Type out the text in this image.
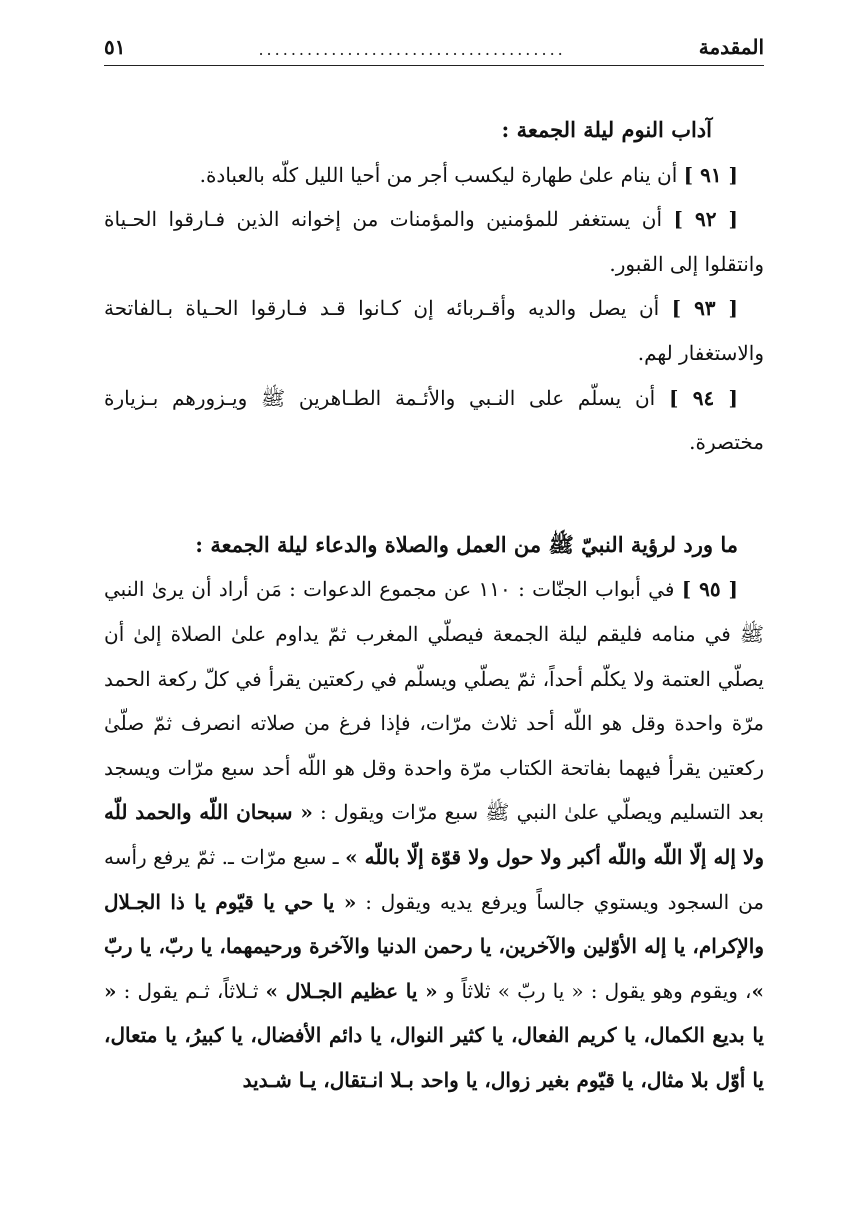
المقدمة
......................................
٥١

آداب النوم ليلة الجمعة :

[ ٩١ ] أن ينام علىٰ طهارة ليكسب أجر من أحيا الليل كلّه بالعبادة.

[ ٩٢ ] أن يستغفر للمؤمنين والمؤمنات من إخوانه الذين فـارقوا الحـياة وانتقلوا إلى القبور.

[ ٩٣ ] أن يصل والديه وأقـربائه إن كـانوا قـد فـارقوا الحـياة بـالفاتحة والاستغفار لهم.

[ ٩٤ ] أن يسلّم على النـبي والأئـمة الطـاهرين ﷺ ويـزورهم بـزيارة مختصرة.

ما ورد لرؤية النبيّ ﷺ من العمل والصلاة والدعاء ليلة الجمعة :

[ ٩٥ ] في أبواب الجنّات : ١١٠ عن مجموع الدعوات : مَن أراد أن يرىٰ النبي ﷺ في منامه فليقم ليلة الجمعة فيصلّي المغرب ثمّ يداوم علىٰ الصلاة إلىٰ أن يصلّي العتمة ولا يكلّم أحداً، ثمّ يصلّي ويسلّم في ركعتين يقرأ في كلّ ركعة الحمد مرّة واحدة وقل هو اللّه أحد ثلاث مرّات، فإذا فرغ من صلاته انصرف ثمّ صلّىٰ ركعتين يقرأ فيهما بفاتحة الكتاب مرّة واحدة وقل هو اللّه أحد سبع مرّات ويسجد بعد التسليم ويصلّي علىٰ النبي ﷺ سبع مرّات ويقول : « سبحان اللّه والحمد للّه ولا إله إلّا اللّه واللّه أكبر ولا حول ولا قوّة إلّا باللّه » ـ سبع مرّات ـ. ثمّ يرفع رأسه من السجود ويستوي جالساً ويرفع يديه ويقول : « يا حي يا قيّوم يا ذا الجـلال والإكرام، يا إله الأوّلين والآخرين، يا رحمن الدنيا والآخرة ورحيمهما، يا ربّ، يا ربّ »، ويقوم وهو يقول : « يا ربّ » ثلاثاً و « يا عظيم الجـلال » ثـلاثاً، ثـم يقول : « يا بديع الكمال، يا كريم الفعال، يا كثير النوال، يا دائم الأفضال، يا كبيرُ، يا متعال، يا أوّل بلا مثال، يا قيّوم بغير زوال، يا واحد بـلا انـتقال، يـا شـديد
